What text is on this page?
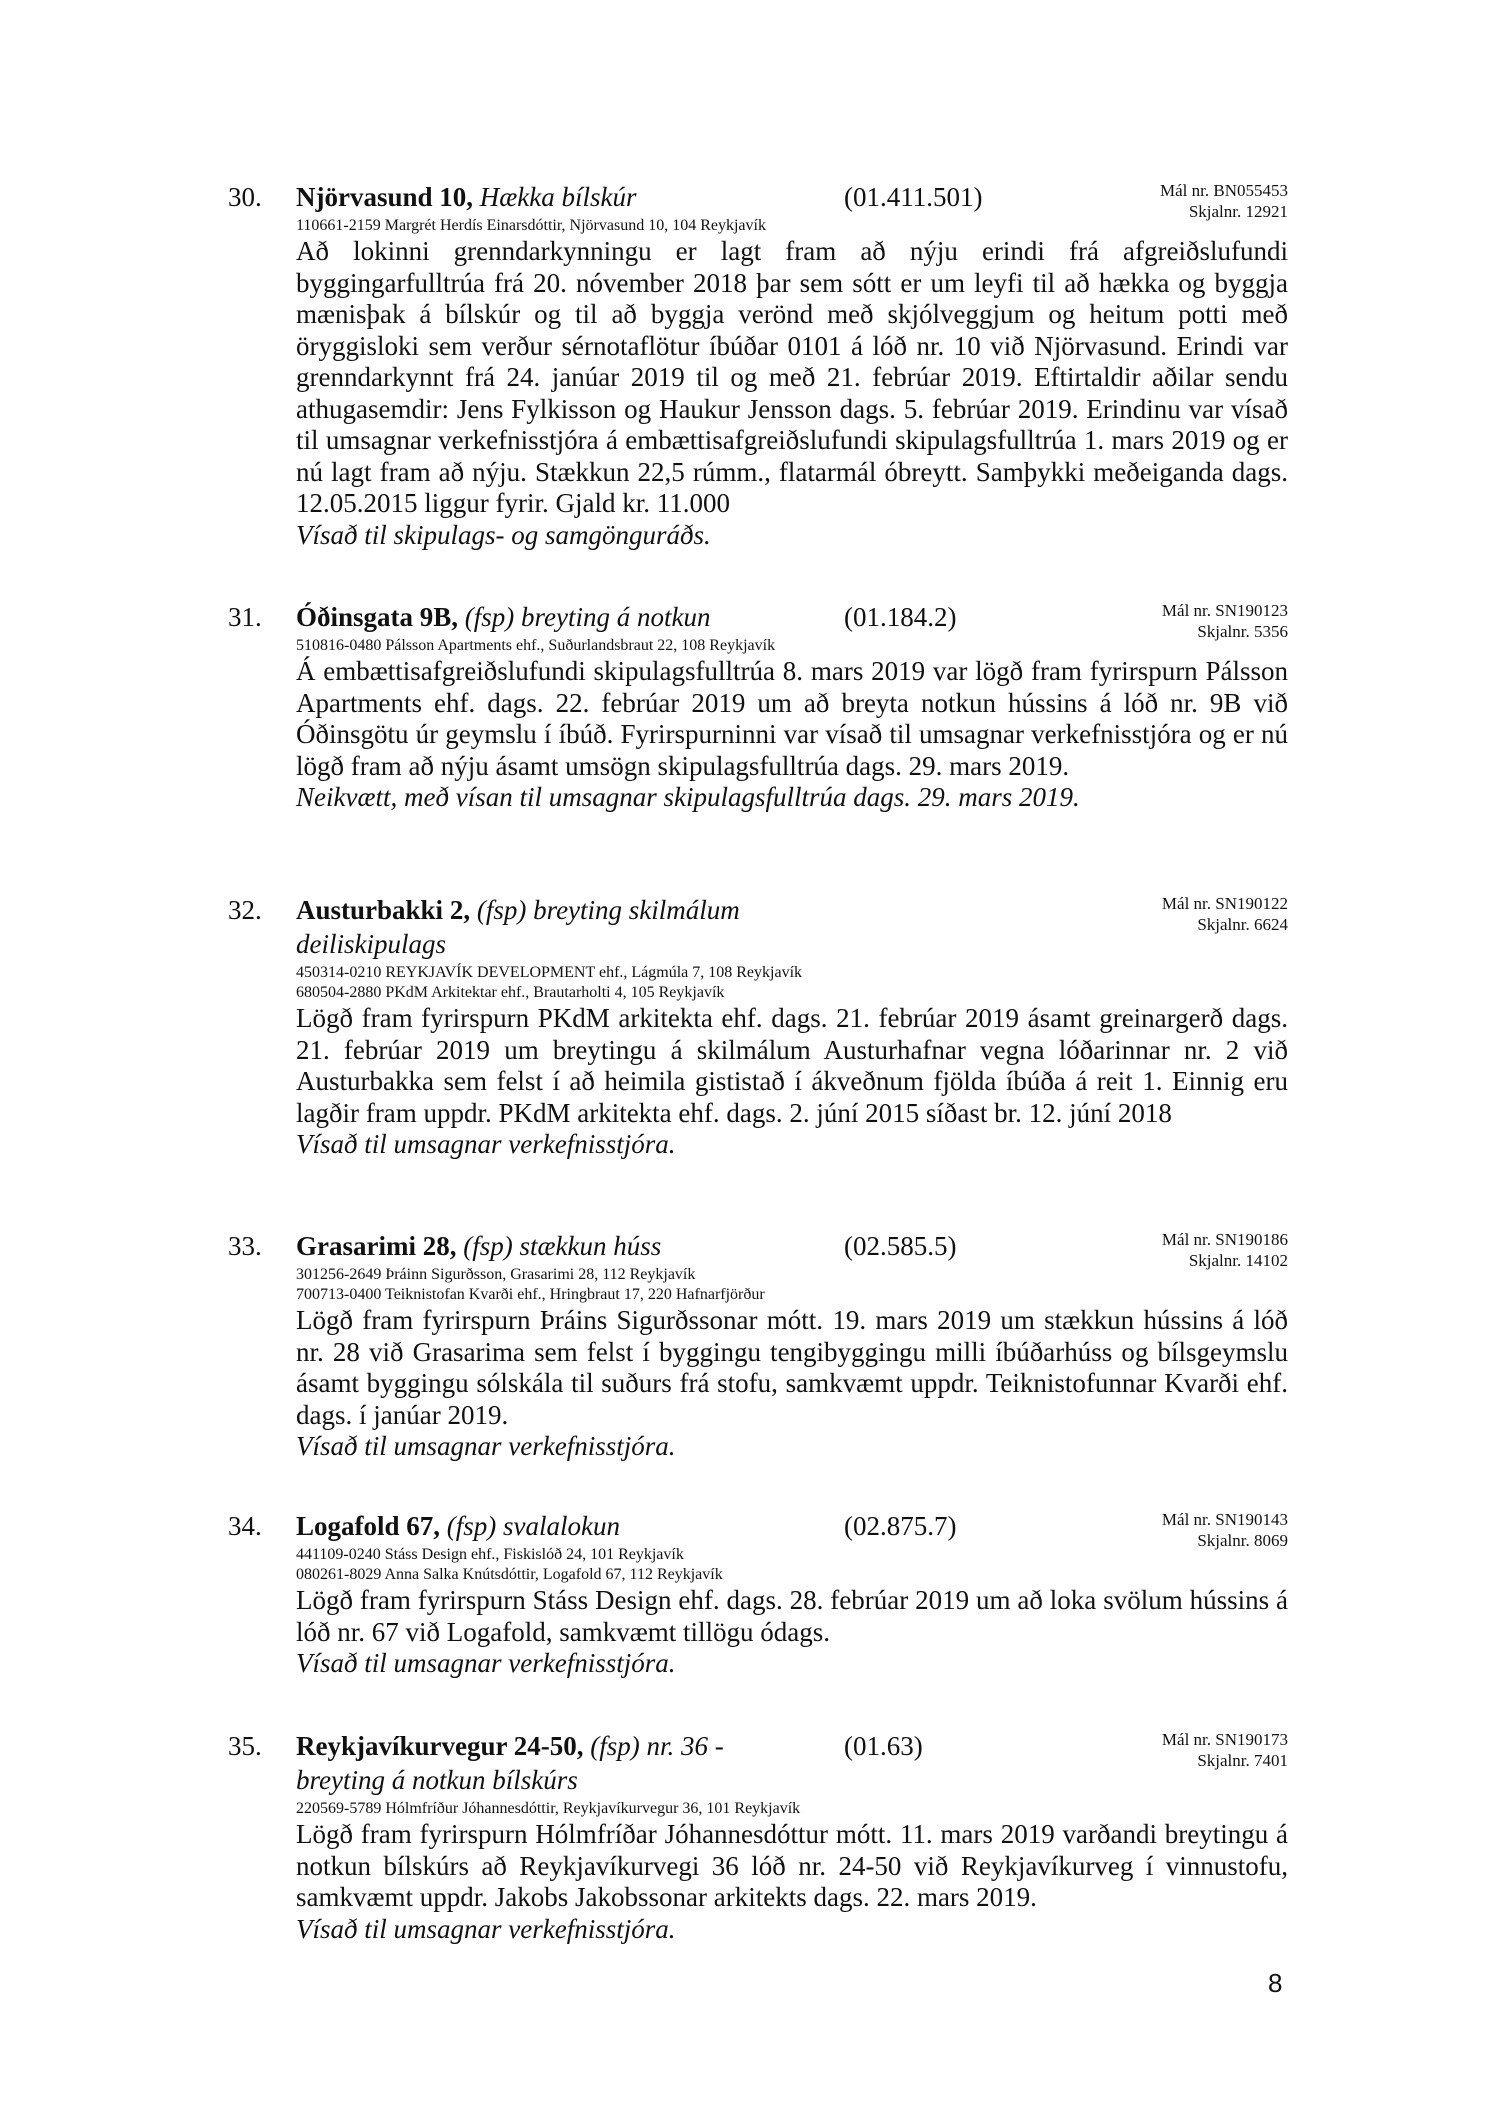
30. Njörvasund 10, Hækka bílskúr	(01.411.501)	Mál nr. BN055453
Skjalnr. 12921
110661-2159 Margrét Herdís Einarsdóttir, Njörvasund 10, 104 Reykjavík
Að lokinni grenndarkynningu er lagt fram að nýju erindi frá afgreiðslufundi byggingarfulltrúa frá 20. nóvember 2018 þar sem sótt er um leyfi til að hækka og byggja mænisþak á bílskúr og til að byggja verönd með skjólveggjum og heitum potti með öryggisloki sem verður sérnotaflötur íbúðar 0101 á lóð nr. 10 við Njörvasund. Erindi var grenndarkynnt frá 24. janúar 2019 til og með 21. febrúar 2019. Eftirtaldir aðilar sendu athugasemdir: Jens Fylkisson og Haukur Jensson dags. 5. febrúar 2019. Erindinu var vísað til umsagnar verkefnisstjóra á embættisafgreiðslufundi skipulagsfulltrúa 1. mars 2019 og er nú lagt fram að nýju. Stækkun 22,5 rúmm., flatarmál óbreytt. Samþykki meðeiganda dags. 12.05.2015 liggur fyrir. Gjald kr. 11.000
Vísað til skipulags- og samgönguráðs.
31. Óðinsgata 9B, (fsp) breyting á notkun	(01.184.2)	Mál nr. SN190123
Skjalnr. 5356
510816-0480 Pálsson Apartments ehf., Suðurlandsbraut 22, 108 Reykjavík
Á embættisafgreiðslufundi skipulagsfulltrúa 8. mars 2019 var lögð fram fyrirspurn Pálsson Apartments ehf. dags. 22. febrúar 2019 um að breyta notkun hússins á lóð nr. 9B við Óðinsgötu úr geymslu í íbúð. Fyrirspurninni var vísað til umsagnar verkefnisstjóra og er nú lögð fram að nýju ásamt umsögn skipulagsfulltrúa dags. 29. mars 2019.
Neikvætt, með vísan til umsagnar skipulagsfulltrúa dags. 29. mars 2019.
32. Austurbakki 2, (fsp) breyting skilmálum
deiliskipulags
Mál nr. SN190122
Skjalnr. 6624
450314-0210 REYKJAVÍK DEVELOPMENT ehf., Lágmúla 7, 108 Reykjavík
680504-2880 PKdM Arkitektar ehf., Brautarholti 4, 105 Reykjavík
Lögð fram fyrirspurn PKdM arkitekta ehf. dags. 21. febrúar 2019 ásamt greinargerð dags. 21. febrúar 2019 um breytingu á skilmálum Austurhafnar vegna lóðarinnar nr. 2 við Austurbakka sem felst í að heimila gististað í ákveðnum fjölda íbúða á reit 1. Einnig eru lagðir fram uppdr. PKdM arkitekta ehf. dags. 2. júní 2015 síðast br. 12. júní 2018
Vísað til umsagnar verkefnisstjóra.
33. Grasarimi 28, (fsp) stækkun húss	(02.585.5)	Mál nr. SN190186
Skjalnr. 14102
301256-2649 Þráinn Sigurðsson, Grasarimi 28, 112 Reykjavík
700713-0400 Teiknistofan Kvarði ehf., Hringbraut 17, 220 Hafnarfjörður
Lögð fram fyrirspurn Þráins Sigurðssonar mótt. 19. mars 2019 um stækkun hússins á lóð nr. 28 við Grasarima sem felst í byggingu tengibyggingu milli íbúðarhúss og bílsgeymslu ásamt byggingu sólskála til suðurs frá stofu, samkvæmt uppdr. Teiknistofunnar Kvarði ehf. dags. í janúar 2019.
Vísað til umsagnar verkefnisstjóra.
34. Logafold 67, (fsp) svalalokun	(02.875.7)	Mál nr. SN190143
Skjalnr. 8069
441109-0240 Stáss Design ehf., Fiskislóð 24, 101 Reykjavík
080261-8029 Anna Salka Knútsdóttir, Logafold 67, 112 Reykjavík
Lögð fram fyrirspurn Stáss Design ehf. dags. 28. febrúar 2019 um að loka svölum hússins á lóð nr. 67 við Logafold, samkvæmt tillögu ódags.
Vísað til umsagnar verkefnisstjóra.
35. Reykjavíkurvegur 24-50, (fsp) nr. 36 -
breyting á notkun bílskúrs
(01.63)	Mál nr. SN190173
Skjalnr. 7401
220569-5789 Hólmfríður Jóhannesdóttir, Reykjavíkurvegur 36, 101 Reykjavík
Lögð fram fyrirspurn Hólmfríðar Jóhannesdóttur mótt. 11. mars 2019 varðandi breytingu á notkun bílskúrs að Reykjavíkurvegi 36 lóð nr. 24-50 við Reykjavíkurveg í vinnustofu, samkvæmt uppdr. Jakobs Jakobssonar arkitekts dags. 22. mars 2019.
Vísað til umsagnar verkefnisstjóra.
8
